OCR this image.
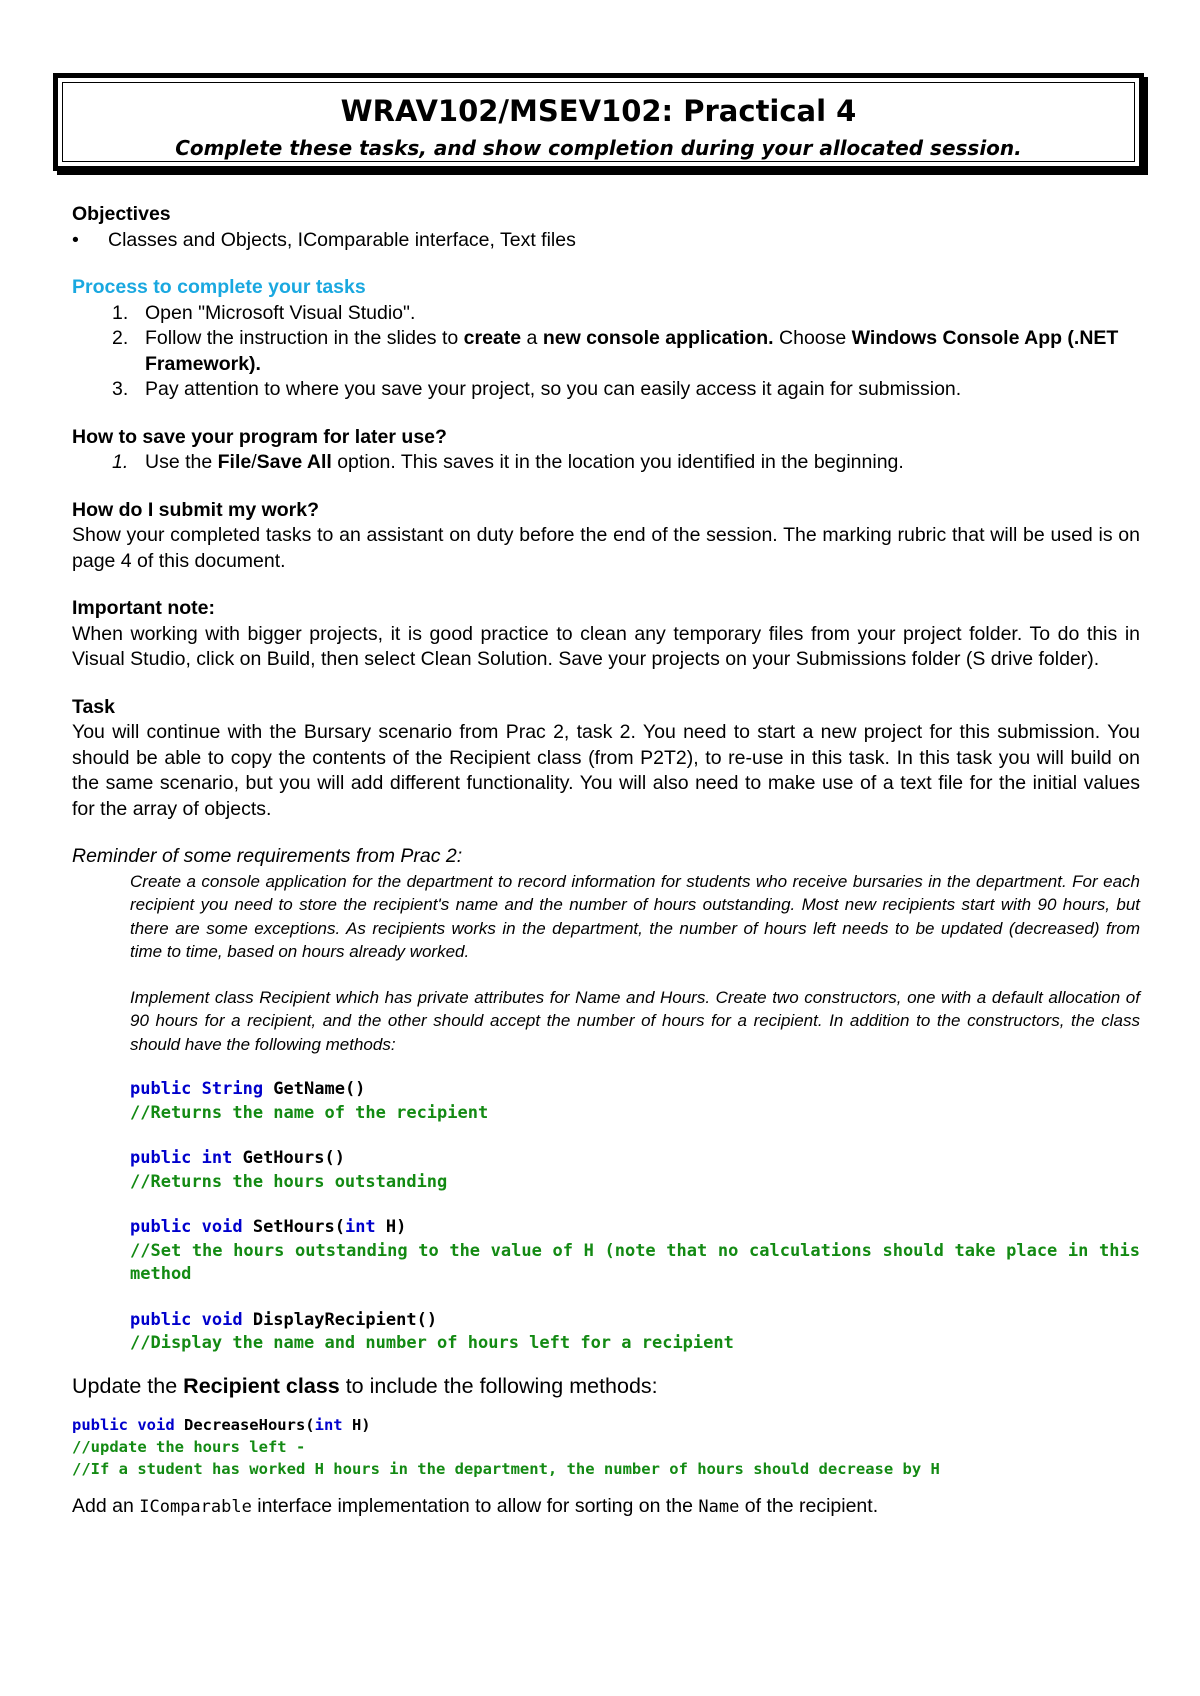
WRAV102/MSEV102: Practical 4
Complete these tasks, and show completion during your allocated session.
Objectives
• Classes and Objects, IComparable interface, Text files
Process to complete your tasks
1. Open "Microsoft Visual Studio".
2. Follow the instruction in the slides to create a new console application. Choose Windows Console App (.NET Framework).
3. Pay attention to where you save your project, so you can easily access it again for submission.
How to save your program for later use?
1. Use the File/Save All option. This saves it in the location you identified in the beginning.
How do I submit my work?

Show your completed tasks to an assistant on duty before the end of the session. The marking rubric that will be used is on page 4 of this document.

Important note:

When working with bigger projects, it is good practice to clean any temporary files from your project folder. To do this in Visual Studio, click on Build, then select Clean Solution. Save your projects on your Submissions folder (S drive folder).

Task

You will continue with the Bursary scenario from Prac 2, task 2. You need to start a new project for this submission. You should be able to copy the contents of the Recipient class (from P2T2), to re-use in this task. In this task you will build on the same scenario, but you will add different functionality. You will also need to make use of a text file for the initial values for the array of objects.

Reminder of some requirements from Prac 2:

Create a console application for the department to record information for students who receive bursaries in the department. For each recipient you need to store the recipient's name and the number of hours outstanding. Most new recipients start with 90 hours, but there are some exceptions. As recipients works in the department, the number of hours left needs to be updated (decreased) from time to time, based on hours already worked.

Implement class Recipient which has private attributes for Name and Hours. Create two constructors, one with a default allocation of 90 hours for a recipient, and the other should accept the number of hours for a recipient. In addition to the constructors, the class should have the following methods:

public String GetName()
//Returns the name of the recipient
public int GetHours()
//Returns the hours outstanding
public void SetHours(int H)
//Set the hours outstanding to the value of H (note that no calculations should take place in this method
public void DisplayRecipient()
//Display the name and number of hours left for a recipient

Update the Recipient class to include the following methods:

public void DecreaseHours(int H)
//update the hours left -
//If a student has worked H hours in the department, the number of hours should decrease by H

Add an IComparable interface implementation to allow for sorting on the Name of the recipient.
